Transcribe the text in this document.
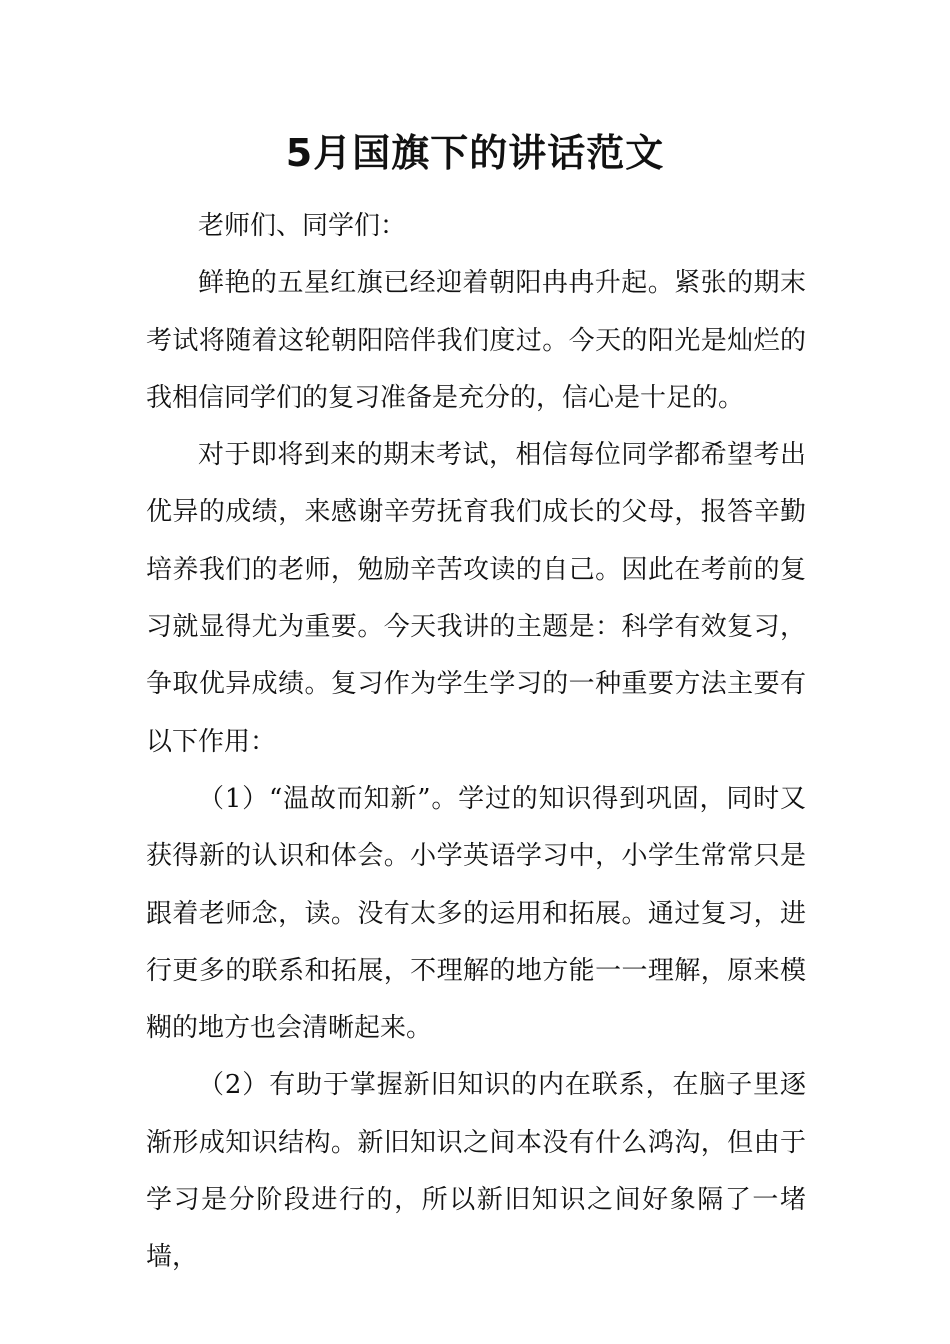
5月国旗下的讲话范文

老师们、同学们：

鲜艳的五星红旗已经迎着朝阳冉冉升起。紧张的期末考试将随着这轮朝阳陪伴我们度过。今天的阳光是灿烂的我相信同学们的复习准备是充分的，信心是十足的。

对于即将到来的期末考试，相信每位同学都希望考出优异的成绩，来感谢辛劳抚育我们成长的父母，报答辛勤培养我们的老师，勉励辛苦攻读的自己。因此在考前的复习就显得尤为重要。今天我讲的主题是：科学有效复习，争取优异成绩。复习作为学生学习的一种重要方法主要有以下作用：

（1）“温故而知新”。学过的知识得到巩固，同时又获得新的认识和体会。小学英语学习中，小学生常常只是跟着老师念，读。没有太多的运用和拓展。通过复习，进行更多的联系和拓展，不理解的地方能一一理解，原来模糊的地方也会清晰起来。

（2）有助于掌握新旧知识的内在联系，在脑子里逐渐形成知识结构。新旧知识之间本没有什么鸿沟，但由于学习是分阶段进行的，所以新旧知识之间好象隔了一堵墙，
